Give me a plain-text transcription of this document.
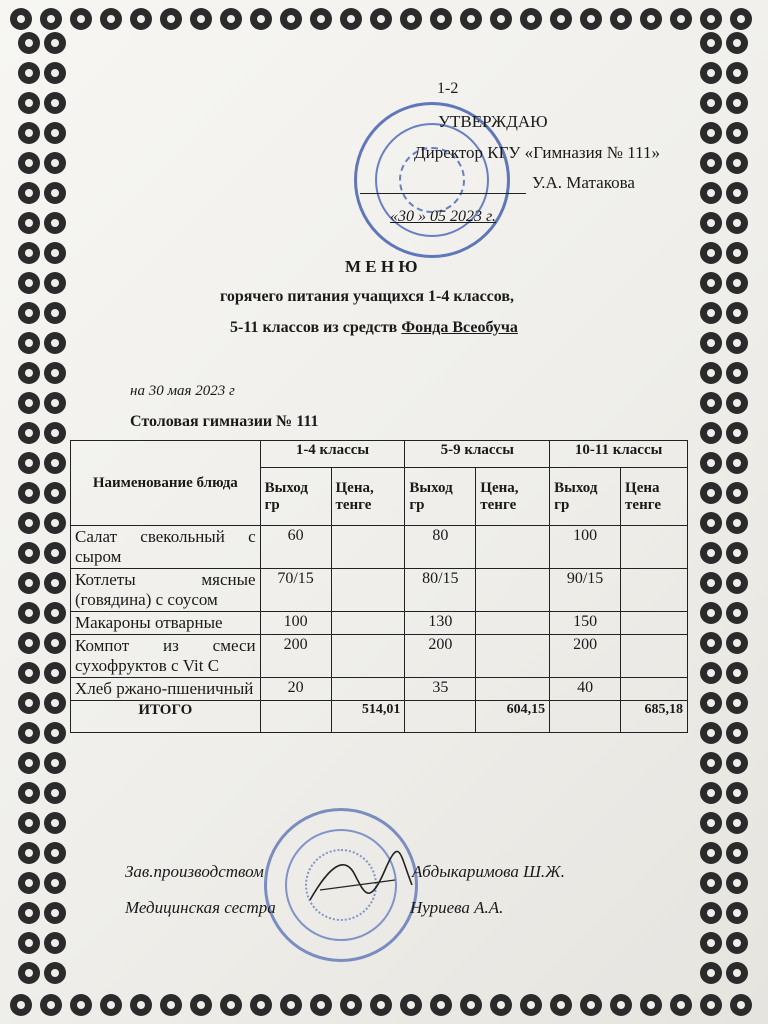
1-2
УТВЕРЖДАЮ
Директор КГУ «Гимназия № 111»
У.А. Матакова
«30 » 05 2023 г.
М Е Н Ю
горячего питания учащихся 1-4 классов,
5-11 классов из средств Фонда Всеобуча
на 30 мая 2023 г
Столовая гимназии № 111
Наименование блюда	1-4 классы		5-9 классы		10-11 классы	
	Выход гр	Цена, тенге	Выход гр	Цена, тенге	Выход гр	Цена тенге
Салат свекольный с сыром	60		80		100	
Котлеты мясные (говядина) с соусом	70/15		80/15		90/15	
Макароны отварные	100		130		150	
Компот из смеси сухофруктов с Vit C	200		200		200	
Хлеб ржано-пшеничный	20		35		40	
ИТОГО		514,01		604,15		685,18
Зав.производством	Абдыкаримова Ш.Ж.
Медицинская сестра	Нуриева А.А.
